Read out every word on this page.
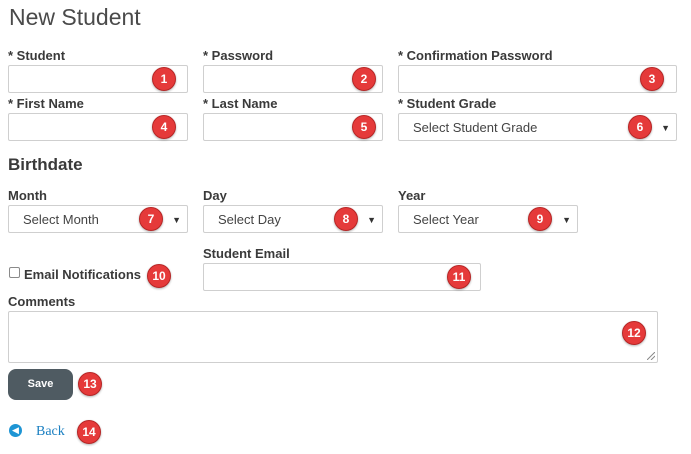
New Student
* Student
1
* Password
2
* Confirmation Password
3
* First Name
4
* Last Name
5
* Student Grade
Select Student Grade	▼
6
Birthdate
Month
Select Month	▼
7
Day
Select Day	▼
8
Year
Select Year	▼
9
Email Notifications 10
Student Email
11
Comments
12
Save	13
◀ Back	14
